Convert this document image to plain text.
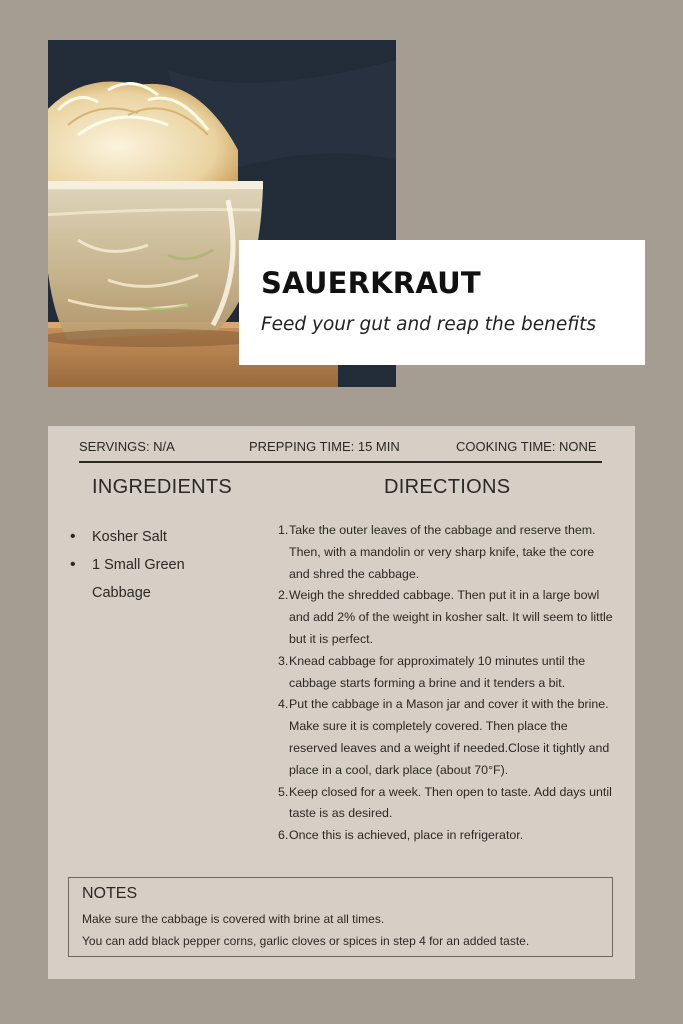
SAUERKRAUT

Feed your gut and reap the benefits

SERVINGS: N/A	PREPPING TIME: 15 MIN	COOKING TIME: NONE
INGREDIENTS	DIRECTIONS
• Kosher Salt
• 1 Small Green Cabbage
1. Take the outer leaves of the cabbage and reserve them. Then, with a mandolin or very sharp knife, take the core and shred the cabbage.
2. Weigh the shredded cabbage. Then put it in a large bowl and add 2% of the weight in kosher salt. It will seem to little but it is perfect.
3. Knead cabbage for approximately 10 minutes until the cabbage starts forming a brine and it tenders a bit.
4. Put the cabbage in a Mason jar and cover it with the brine. Make sure it is completely covered. Then place the reserved leaves and a weight if needed.Close it tightly and place in a cool, dark place (about 70°F).
5. Keep closed for a week. Then open to taste. Add days until taste is as desired.
6. Once this is achieved, place in refrigerator.
NOTES
Make sure the cabbage is covered with brine at all times.
You can add black pepper corns, garlic cloves or spices in step 4 for an added taste.
